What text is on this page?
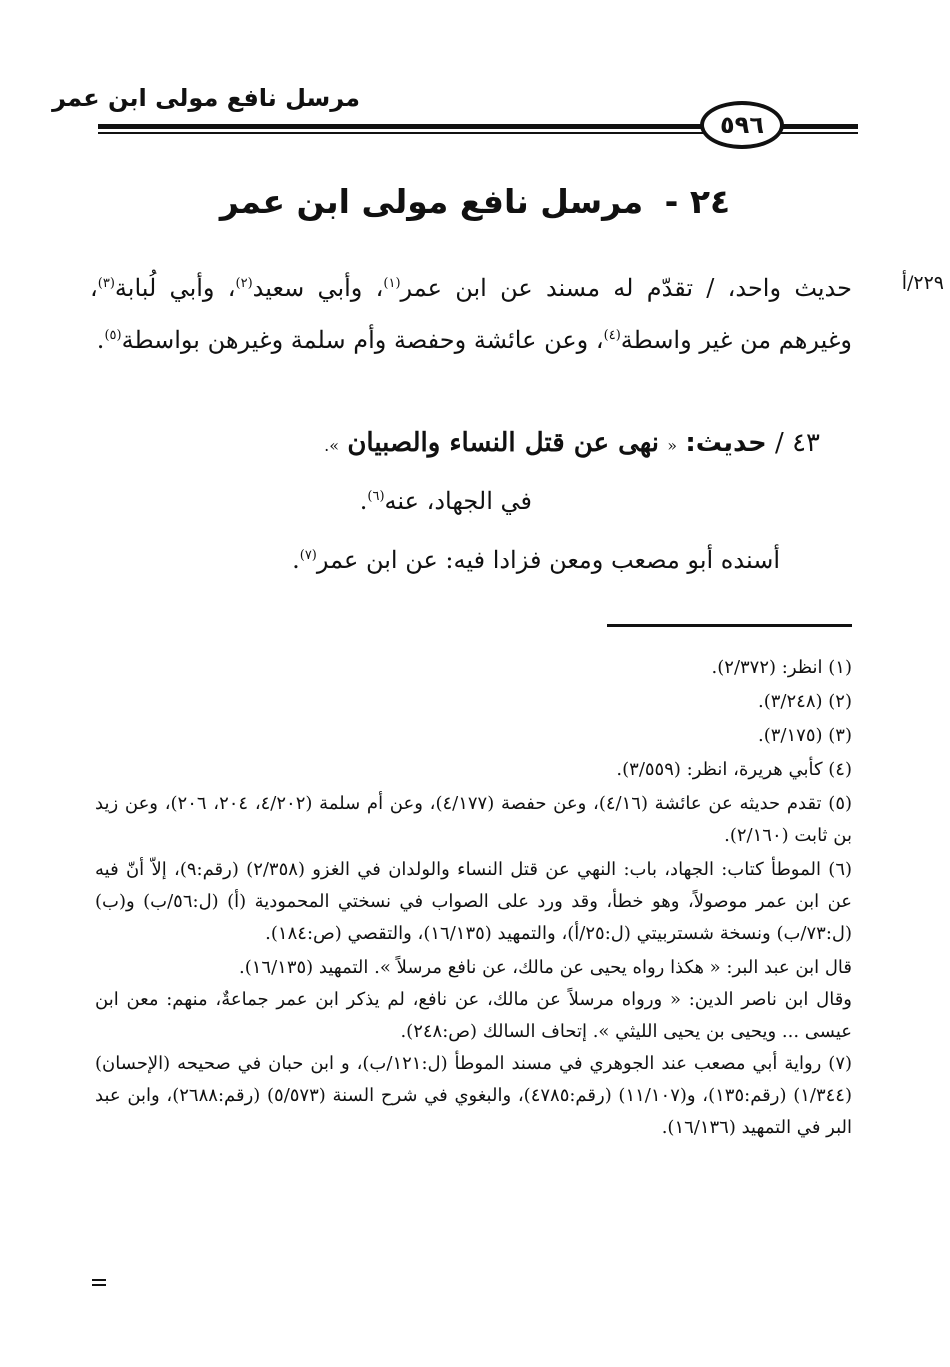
مرسل نافع مولى ابن عمر
٥٩٦
٢٤ - مرسل نافع مولى ابن عمر
٢٢٩/أ

حديث واحد، / تقدّم له مسند عن ابن عمر$^{(١)}$، وأبي سعيد$^{(٢)}$، وأبي لُبابة$^{(٣)}$، وغيرهم من غير واسطة$^{(٤)}$، وعن عائشة وحفصة وأم سلمة وغيرهن بواسطة$^{(٥)}$.

٤٣ / حديث: « نهى عن قتل النساء والصبيان ».
في الجهاد، عنه$^{(٦)}$.
أسنده أبو مصعب ومعن فزادا فيه: عن ابن عمر$^{(٧)}$.

(١) انظر: (٢/٣٧٢).

(٢) (٣/٢٤٨).

(٣) (٣/١٧٥).

(٤) كأبي هريرة، انظر: (٣/٥٥٩).

(٥) تقدم حديثه عن عائشة (٤/١٦)، وعن حفصة (٤/١٧٧)، وعن أم سلمة (٤/٢٠٢، ٢٠٤، ٢٠٦)، وعن زيد بن ثابت (٢/١٦٠).

(٦) الموطأ كتاب: الجهاد، باب: النهي عن قتل النساء والولدان في الغزو (٢/٣٥٨) (رقم:٩)، إلاّ أنّ فيه عن ابن عمر موصولاً، وهو خطأ، وقد ورد على الصواب في نسختي المحمودية (أ) (ل:٥٦/ب) و(ب) (ل:٧٣/ب) ونسخة شستربيتي (ل:٢٥/أ)، والتمهيد (١٦/١٣٥)، والتقصي (ص:١٨٤).

قال ابن عبد البر: « هكذا رواه يحيى عن مالك، عن نافع مرسلاً ». التمهيد (١٦/١٣٥).

وقال ابن ناصر الدين: « ورواه مرسلاً عن مالك، عن نافع، لم يذكر ابن عمر جماعةٌ، منهم: معن ابن عيسى ... ويحيى بن يحيى الليثي ». إتحاف السالك (ص:٢٤٨).

(٧) رواية أبي مصعب عند الجوهري في مسند الموطأ (ل:١٢١/ب)، و ابن حبان في صحيحه (الإحسان) (١/٣٤٤) (رقم:١٣٥)، و(١١/١٠٧) (رقم:٤٧٨٥)، والبغوي في شرح السنة (٥/٥٧٣) (رقم:٢٦٨٨)، وابن عبد البر في التمهيد (١٦/١٣٦).
